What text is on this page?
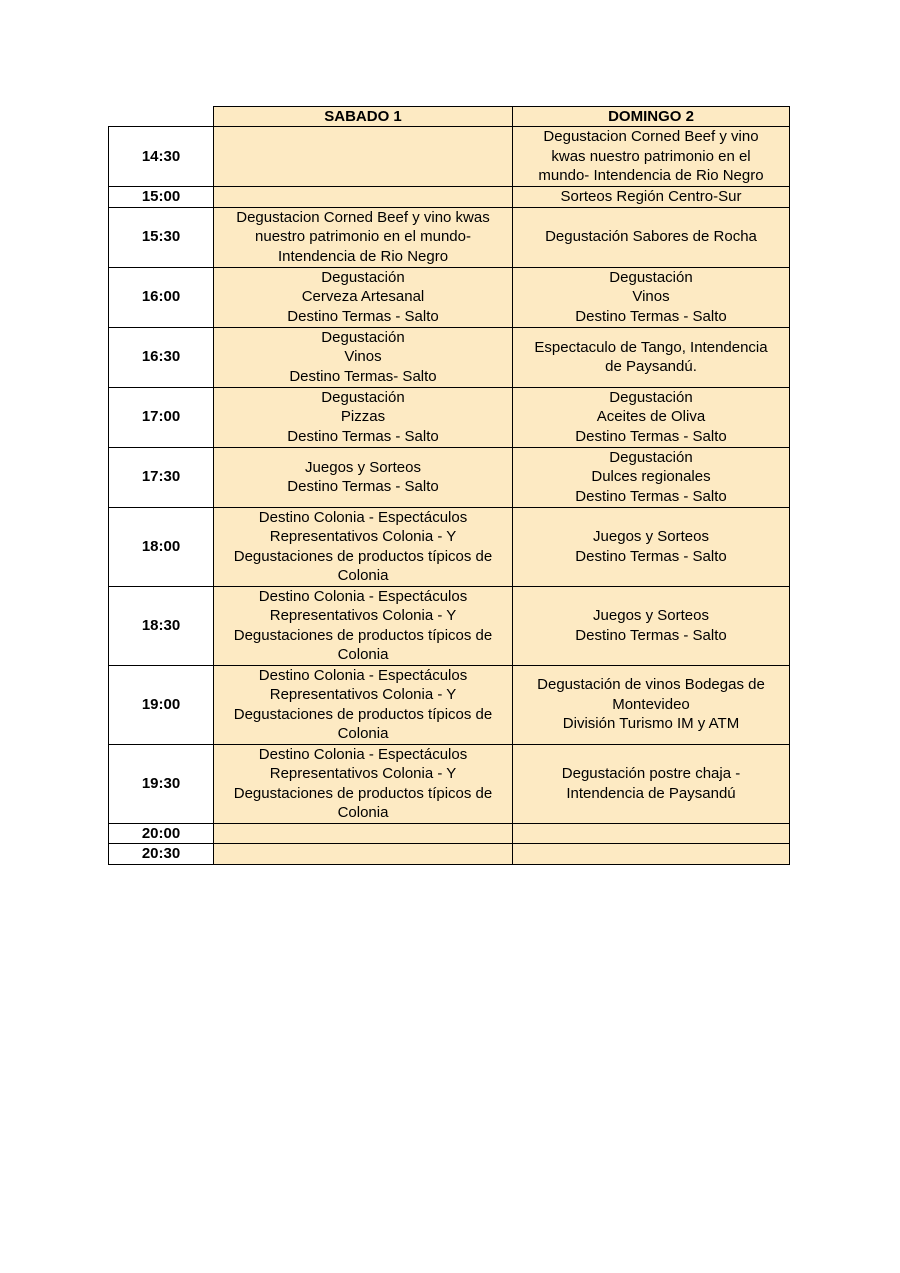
	SABADO 1	DOMINGO 2
14:30		Degustacion Corned Beef y vino
kwas nuestro patrimonio en el
mundo- Intendencia de Rio Negro

15:00		Sorteos Región Centro-Sur

15:30	Degustacion Corned Beef y vino kwas
nuestro patrimonio en el mundo-
Intendencia de Rio Negro	Degustación Sabores de Rocha

16:00	Degustación
Cerveza Artesanal
Destino Termas - Salto	Degustación
Vinos
Destino Termas - Salto

16:30	Degustación
Vinos
Destino Termas- Salto	Espectaculo de Tango, Intendencia
de Paysandú.

17:00	Degustación
Pizzas
Destino Termas - Salto	Degustación
Aceites de Oliva
Destino Termas - Salto

17:30	Juegos y Sorteos
Destino Termas - Salto	Degustación
Dulces regionales
Destino Termas - Salto

18:00	Destino Colonia - Espectáculos
Representativos Colonia - Y
Degustaciones de productos típicos de
Colonia	Juegos y Sorteos
Destino Termas - Salto

18:30	Destino Colonia - Espectáculos
Representativos Colonia - Y
Degustaciones de productos típicos de
Colonia	Juegos y Sorteos
Destino Termas - Salto

19:00	Destino Colonia - Espectáculos
Representativos Colonia - Y
Degustaciones de productos típicos de
Colonia	Degustación de vinos Bodegas de
Montevideo
División Turismo IM y ATM

19:30	Destino Colonia - Espectáculos
Representativos Colonia - Y
Degustaciones de productos típicos de
Colonia	Degustación postre chaja -
Intendencia de Paysandú

20:00		
20:30		
